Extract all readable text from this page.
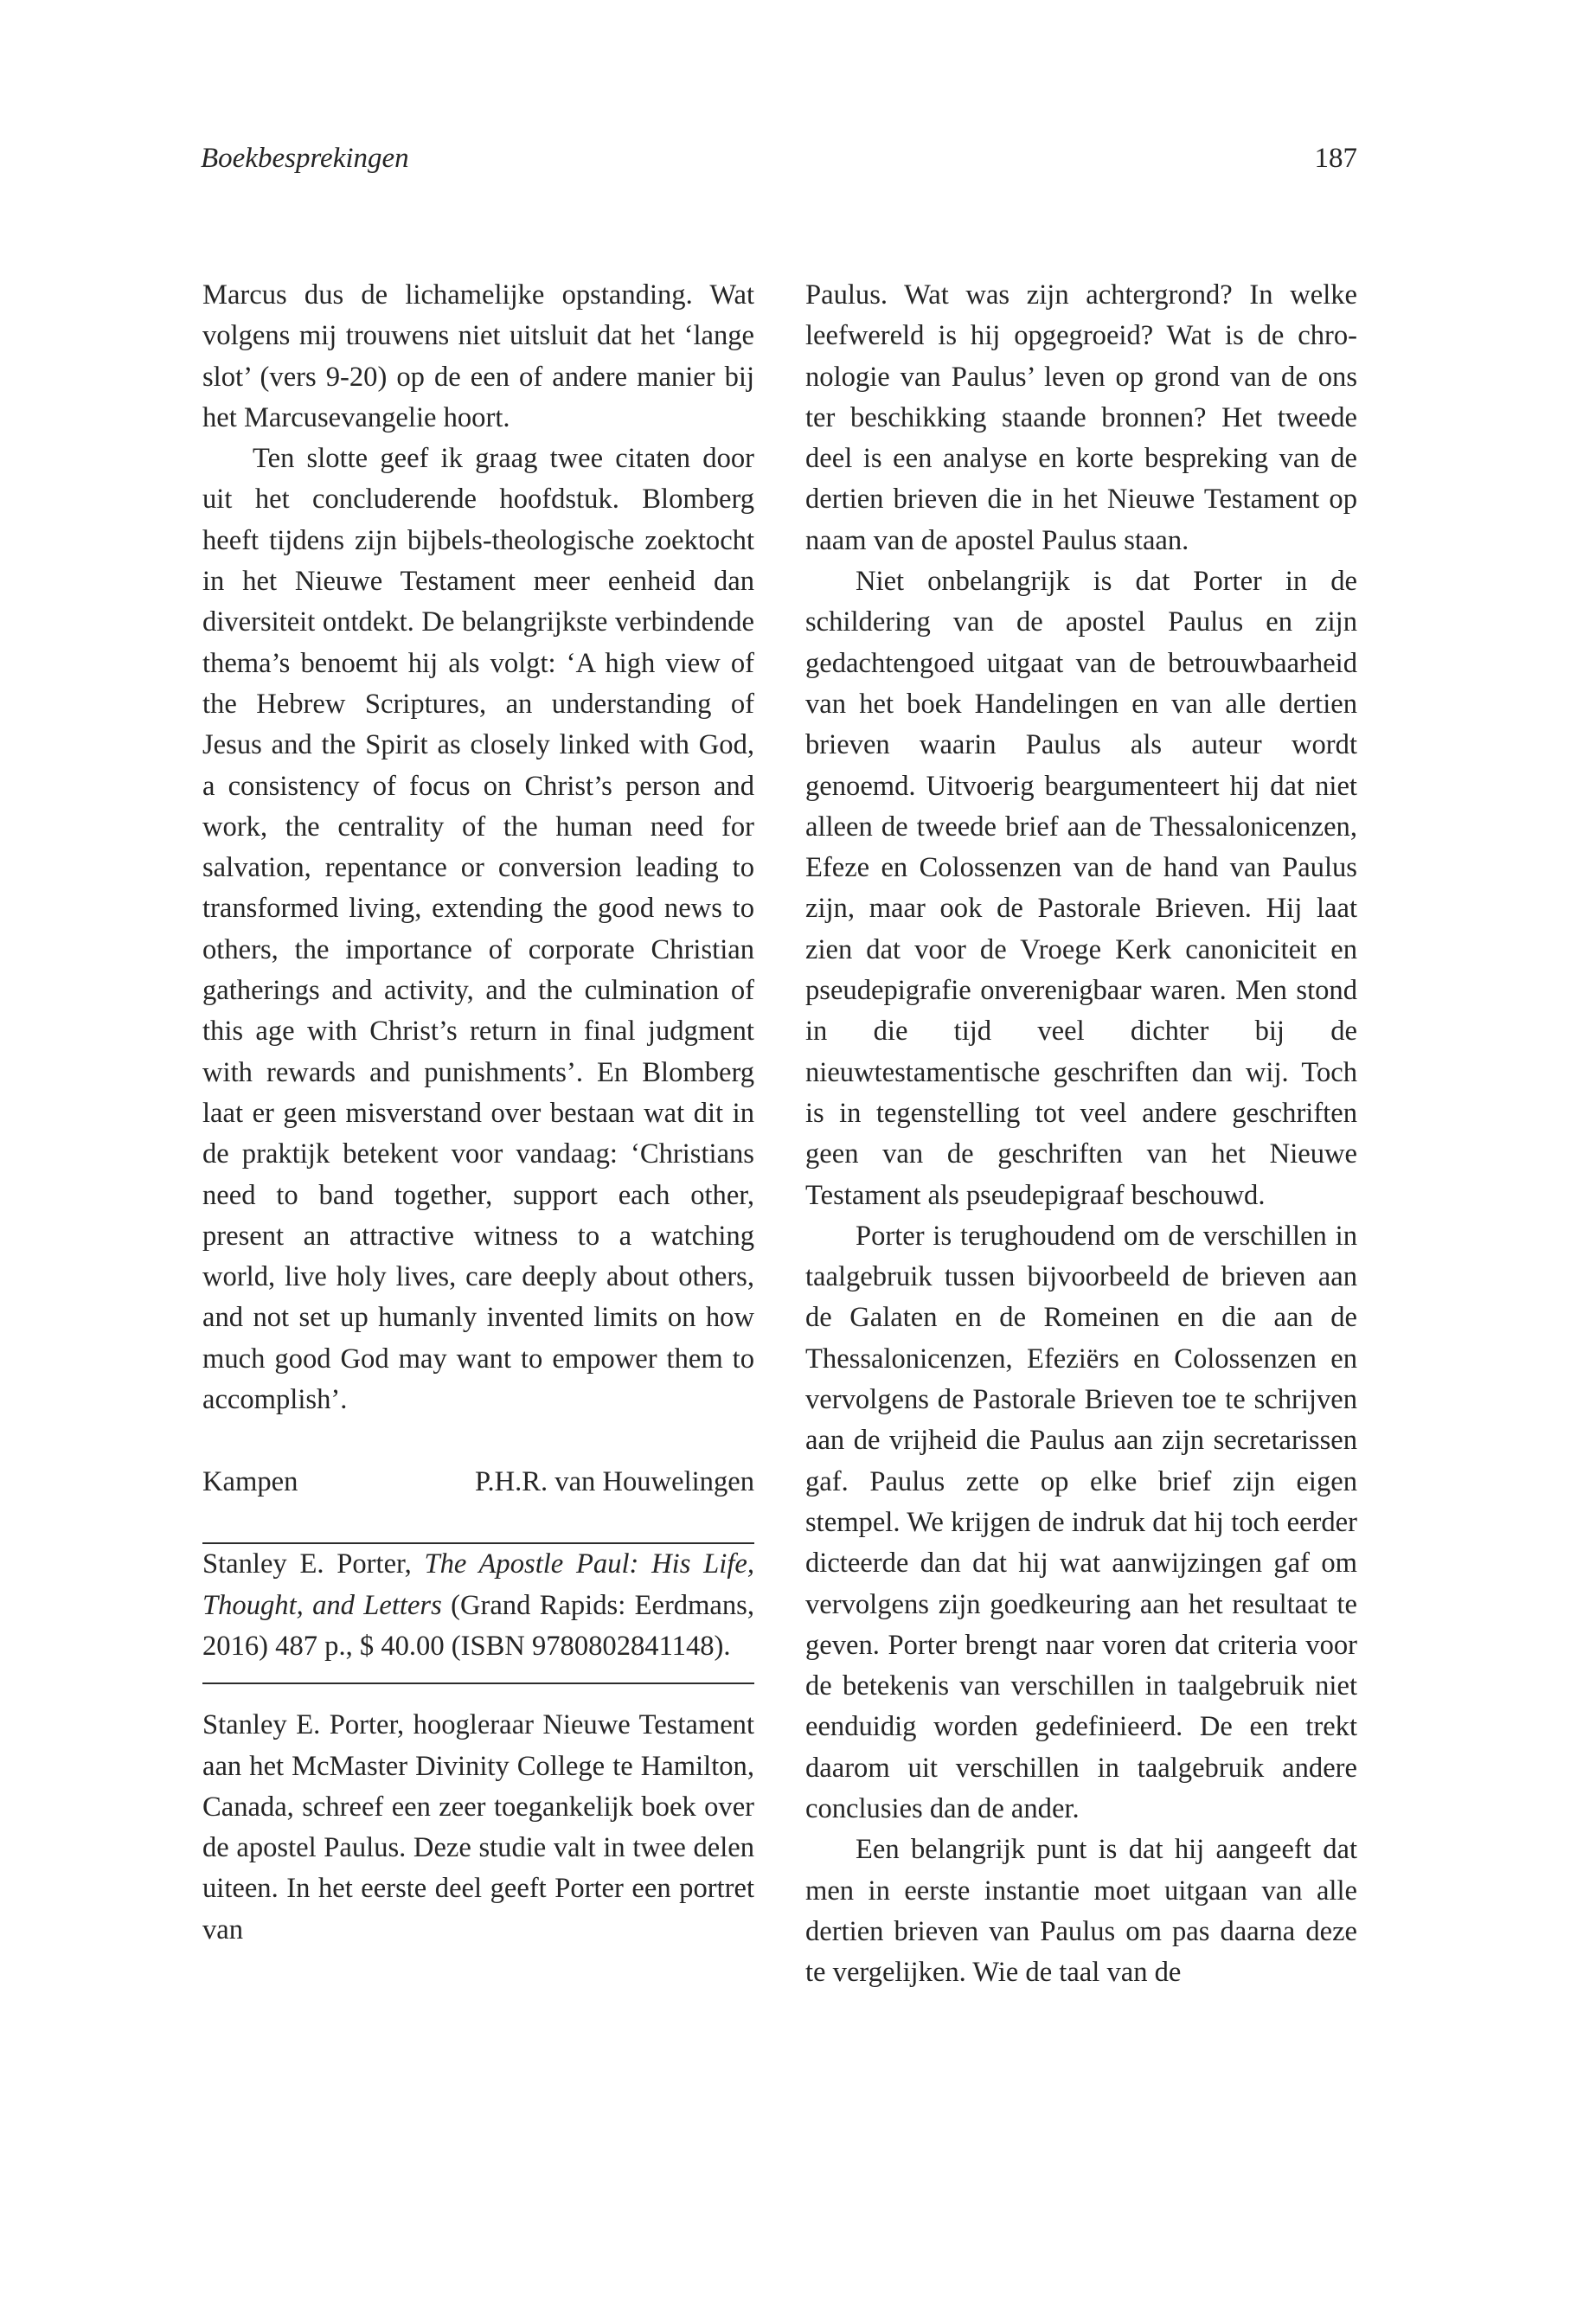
Boekbesprekingen	187

Marcus dus de lichamelijke opstanding. Wat volgens mij trouwens niet uitsluit dat het ‘lange slot’ (vers 9-20) op de een of andere manier bij het Marcusevangelie hoort.

Ten slotte geef ik graag twee citaten door uit het concluderende hoofdstuk. Blomberg heeft tijdens zijn bijbels-theologische zoektocht in het Nieuwe Testament meer eenheid dan diversiteit ontdekt. De belangrijkste verbindende thema’s benoemt hij als volgt: ‘A high view of the Hebrew Scriptures, an understanding of Jesus and the Spirit as closely linked with God, a consistency of focus on Christ’s person and work, the centrality of the human need for salvation, repentance or conversion leading to transformed living, extending the good news to others, the importance of corporate Christian gatherings and activity, and the culmination of this age with Christ’s return in final judgment with rewards and punishments’. En Blomberg laat er geen misverstand over bestaan wat dit in de praktijk betekent voor vandaag: ‘Christians need to band together, support each other, present an attractive witness to a watching world, live holy lives, care deeply about others, and not set up humanly invented limits on how much good God may want to empower them to accomplish’.

Kampen	P.H.R. van Houwelingen

Stanley E. Porter, The Apostle Paul: His Life, Thought, and Letters (Grand Rapids: Eerdmans, 2016) 487 p., $ 40.00 (ISBN 9780802841148).

Stanley E. Porter, hoogleraar Nieuwe Testament aan het McMaster Divinity College te Hamilton, Canada, schreef een zeer toegankelijk boek over de apostel Paulus. Deze studie valt in twee delen uiteen. In het eerste deel geeft Porter een portret van

Paulus. Wat was zijn achtergrond? In welke leefwereld is hij opgegroeid? Wat is de chronologie van Paulus’ leven op grond van de ons ter beschikking staande bronnen? Het tweede deel is een analyse en korte bespreking van de dertien brieven die in het Nieuwe Testament op naam van de apostel Paulus staan.

Niet onbelangrijk is dat Porter in de schildering van de apostel Paulus en zijn gedachtengoed uitgaat van de betrouwbaarheid van het boek Handelingen en van alle dertien brieven waarin Paulus als auteur wordt genoemd. Uitvoerig beargumenteert hij dat niet alleen de tweede brief aan de Thessalonicenzen, Efeze en Colossenzen van de hand van Paulus zijn, maar ook de Pastorale Brieven. Hij laat zien dat voor de Vroege Kerk canoniciteit en pseudepigrafie onverenigbaar waren. Men stond in die tijd veel dichter bij de nieuwtestamentische geschriften dan wij. Toch is in tegenstelling tot veel andere geschriften geen van de geschriften van het Nieuwe Testament als pseudepigraaf beschouwd.

Porter is terughoudend om de verschillen in taalgebruik tussen bijvoorbeeld de brieven aan de Galaten en de Romeinen en die aan de Thessalonicenzen, Efeziërs en Colossenzen en vervolgens de Pastorale Brieven toe te schrijven aan de vrijheid die Paulus aan zijn secretarissen gaf. Paulus zette op elke brief zijn eigen stempel. We krijgen de indruk dat hij toch eerder dicteerde dan dat hij wat aanwijzingen gaf om vervolgens zijn goedkeuring aan het resultaat te geven. Porter brengt naar voren dat criteria voor de betekenis van verschillen in taalgebruik niet eenduidig worden gedefinieerd. De een trekt daarom uit verschillen in taalgebruik andere conclusies dan de ander.

Een belangrijk punt is dat hij aangeeft dat men in eerste instantie moet uitgaan van alle dertien brieven van Paulus om pas daarna deze te vergelijken. Wie de taal van de
